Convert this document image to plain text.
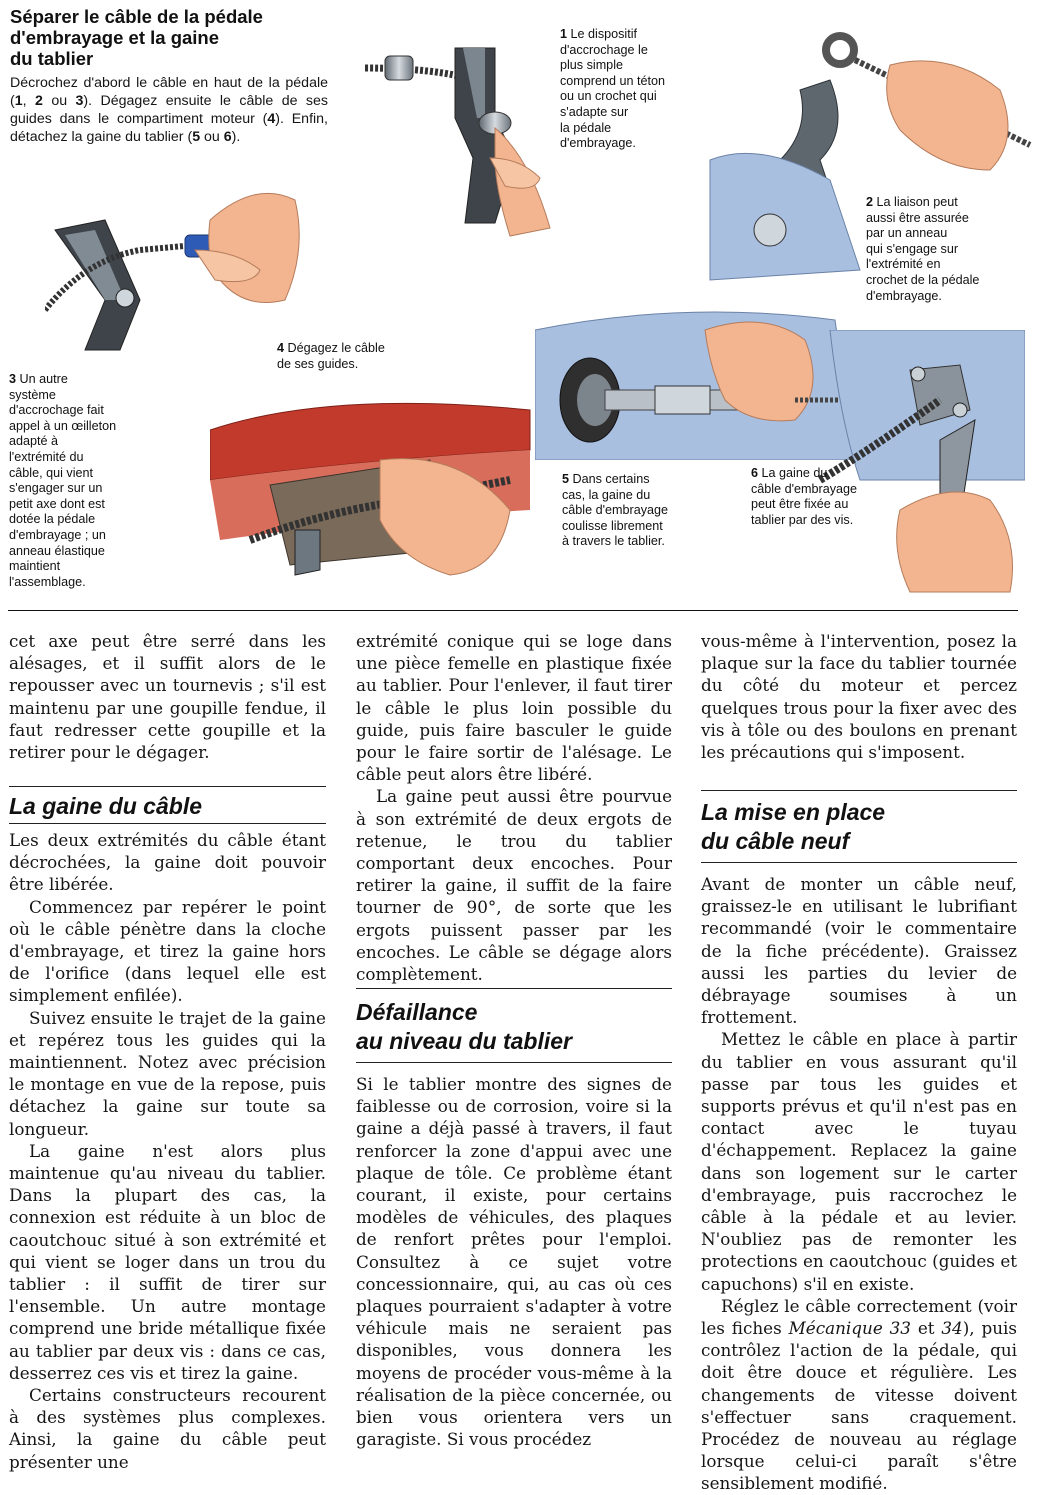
Séparer le câble de la pédale
d'embrayage et la gaine
du tablier
Décrochez d'abord le câble en haut de la pédale (1, 2 ou 3). Dégagez ensuite le câble de ses guides dans le compartiment moteur (4). Enfin, détachez la gaine du tablier (5 ou 6).
1 Le dispositif
d'accrochage le
plus simple
comprend un téton
ou un crochet qui
s'adapte sur
la pédale
d'embrayage.
2 La liaison peut
aussi être assurée
par un anneau
qui s'engage sur
l'extrémité en
crochet de la pédale
d'embrayage.
3 Un autre
système
d'accrochage fait
appel à un œilleton
adapté à
l'extrémité du
câble, qui vient
s'engager sur un
petit axe dont est
dotée la pédale
d'embrayage ; un
anneau élastique
maintient
l'assemblage.
4 Dégagez le câble
de ses guides.
5 Dans certains
cas, la gaine du
câble d'embrayage
coulisse librement
à travers le tablier.
6 La gaine du
câble d'embrayage
peut être fixée au
tablier par des vis.

cet axe peut être serré dans les alésages, et il suffit alors de le repousser avec un tournevis ; s'il est maintenu par une goupille fendue, il faut redresser cette goupille et la retirer pour le dégager.

La gaine du câble

Les deux extrémités du câble étant décrochées, la gaine doit pouvoir être libérée.

Commencez par repérer le point où le câble pénètre dans la cloche d'embrayage, et tirez la gaine hors de l'orifice (dans lequel elle est simplement enfilée).

Suivez ensuite le trajet de la gaine et repérez tous les guides qui la maintiennent. Notez avec précision le montage en vue de la repose, puis détachez la gaine sur toute sa longueur.

La gaine n'est alors plus maintenue qu'au niveau du tablier. Dans la plupart des cas, la connexion est réduite à un bloc de caoutchouc situé à son extrémité et qui vient se loger dans un trou du tablier : il suffit de tirer sur l'ensemble. Un autre montage comprend une bride métallique fixée au tablier par deux vis : dans ce cas, desserrez ces vis et tirez la gaine.

Certains constructeurs recourent à des systèmes plus complexes. Ainsi, la gaine du câble peut présenter une

extrémité conique qui se loge dans une pièce femelle en plastique fixée au tablier. Pour l'enlever, il faut tirer le câble le plus loin possible du guide, puis faire basculer le guide pour le faire sortir de l'alésage. Le câble peut alors être libéré.

La gaine peut aussi être pourvue à son extrémité de deux ergots de retenue, le trou du tablier comportant deux encoches. Pour retirer la gaine, il suffit de la faire tourner de 90°, de sorte que les ergots puissent passer par les encoches. Le câble se dégage alors complètement.

Défaillance
au niveau du tablier

Si le tablier montre des signes de faiblesse ou de corrosion, voire si la gaine a déjà passé à travers, il faut renforcer la zone d'appui avec une plaque de tôle. Ce problème étant courant, il existe, pour certains modèles de véhicules, des plaques de renfort prêtes pour l'emploi. Consultez à ce sujet votre concessionnaire, qui, au cas où ces plaques pourraient s'adapter à votre véhicule mais ne seraient pas disponibles, vous donnera les moyens de procéder vous-même à la réalisation de la pièce concernée, ou bien vous orientera vers un garagiste. Si vous procédez

vous-même à l'intervention, posez la plaque sur la face du tablier tournée du côté du moteur et percez quelques trous pour la fixer avec des vis à tôle ou des boulons en prenant les précautions qui s'imposent.

La mise en place
du câble neuf

Avant de monter un câble neuf, graissez-le en utilisant le lubrifiant recommandé (voir le commentaire de la fiche précédente). Graissez aussi les parties du levier de débrayage soumises à un frottement.

Mettez le câble en place à partir du tablier en vous assurant qu'il passe par tous les guides et supports prévus et qu'il n'est pas en contact avec le tuyau d'échappement. Replacez la gaine dans son logement sur le carter d'embrayage, puis raccrochez le câble à la pédale et au levier. N'oubliez pas de remonter les protections en caoutchouc (guides et capuchons) s'il en existe.

Réglez le câble correctement (voir les fiches Mécanique 33 et 34), puis contrôlez l'action de la pédale, qui doit être douce et régulière. Les changements de vitesse doivent s'effectuer sans craquement. Procédez de nouveau au réglage lorsque celui-ci paraît s'être sensiblement modifié.
